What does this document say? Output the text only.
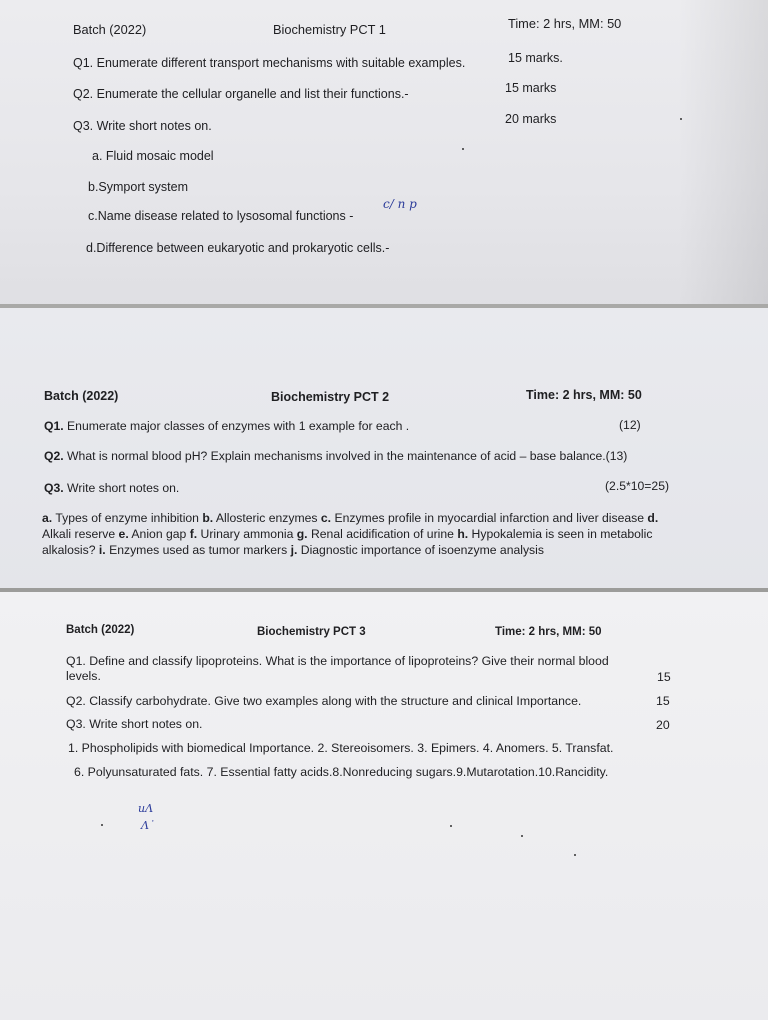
Batch (2022)	Biochemistry PCT 1	Time: 2 hrs, MM: 50
Q1. Enumerate different transport mechanisms with suitable examples.	15 marks.
Q2. Enumerate the cellular organelle and list their functions.-	15 marks
Q3. Write short notes on.	20 marks
a. Fluid mosaic model
b.Symport system
c.Name disease related to lysosomal functions -
d.Difference between eukaryotic and prokaryotic cells.-
c/ n p
Batch (2022)	Biochemistry PCT 2	Time: 2 hrs, MM: 50
Q1. Enumerate major classes of enzymes with 1 example for each .	(12)
Q2. What is normal blood pH? Explain mechanisms involved in the maintenance of acid – base balance.(13)
Q3. Write short notes on.	(2.5*10=25)
a. Types of enzyme inhibition b. Allosteric enzymes c. Enzymes profile in myocardial infarction and liver disease d.
Alkali reserve e. Anion gap f. Urinary ammonia g. Renal acidification of urine h. Hypokalemia is seen in metabolic
alkalosis? i. Enzymes used as tumor markers j. Diagnostic importance of isoenzyme analysis
Batch (2022)	Biochemistry PCT 3	Time: 2 hrs, MM: 50
Q1. Define and classify lipoproteins. What is the importance of lipoproteins? Give their normal blood
levels.	15
Q2. Classify carbohydrate. Give two examples along with the structure and clinical Importance.	15
Q3. Write short notes on.	20
1. Phospholipids with biomedical Importance. 2. Stereoisomers. 3. Epimers. 4. Anomers. 5. Transfat.
6. Polyunsaturated fats. 7. Essential fatty acids.8.Nonreducing sugars.9.Mutarotation.10.Rancidity.
uΛ
Λ˙
